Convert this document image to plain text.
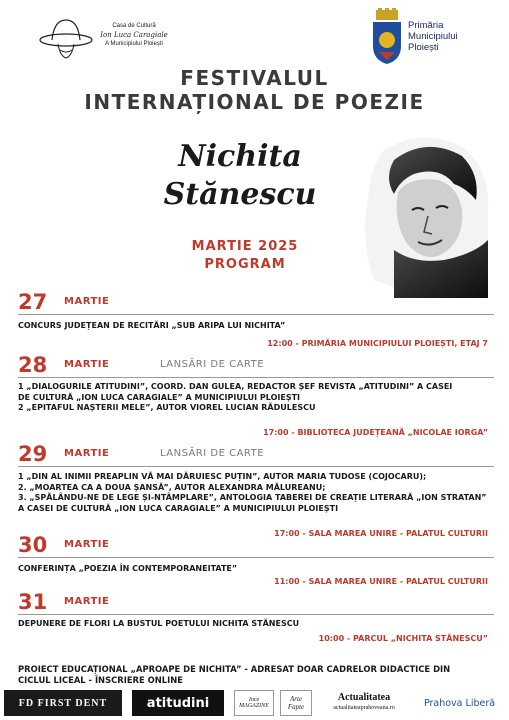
Casa de Cultură
Ion Luca Caragiale
A Municipiului Ploiești
Primăria
Municipiului
Ploiești
FESTIVALUL
INTERNAȚIONAL DE POEZIE
Nichita
Stănescu
MARTIE 2025
PROGRAM
27 MARTIE
CONCURS JUDEȚEAN DE RECITĂRI „SUB ARIPA LUI NICHITA”
12:00 - PRIMĂRIA MUNICIPIULUI PLOIEȘTI, ETAJ 7
28 MARTIE	LANSĂRI DE CARTE
1 „DIALOGURILE ATITUDINI”, COORD. DAN GULEA, REDACTOR ȘEF REVISTA „ATITUDINI” A CASEI
DE CULTURĂ „ION LUCA CARAGIALE” A MUNICIPIULUI PLOIEȘTI
2 „EPITAFUL NAȘTERII MELE”, AUTOR VIOREL LUCIAN RĂDULESCU
17:00 - BIBLIOTECA JUDEȚEANĂ „NICOLAE IORGA”
29 MARTIE	LANSĂRI DE CARTE
1 „DIN AL INIMII PREAPLIN VĂ MAI DĂRUIESC PUȚIN”, AUTOR MARIA TUDOSE (COJOCARU);
2. „MOARTEA CA A DOUA ȘANSĂ”, AUTOR ALEXANDRA MĂLUREANU;
3. „SPĂLÂNDU-NE DE LEGE ȘI-NTÂMPLARE”, ANTOLOGIA TABEREI DE CREAȚIE LITERARĂ „ION STRATAN”
A CASEI DE CULTURĂ „ION LUCA CARAGIALE” A MUNICIPIULUI PLOIEȘTI
17:00 - SALA MAREA UNIRE - PALATUL CULTURII
30 MARTIE
CONFERINȚA „POEZIA ÎN CONTEMPORANEITATE”
11:00 - SALA MAREA UNIRE - PALATUL CULTURII
31 MARTIE
DEPUNERE DE FLORI LA BUSTUL POETULUI NICHITA STĂNESCU
10:00 - PARCUL „NICHITA STĂNESCU”
PROIECT EDUCAȚIONAL „APROAPE DE NICHITA” - ADRESAT DOAR CADRELOR DIDACTICE DIN
CICLUL LICEAL - ÎNSCRIERE ONLINE
FD FIRST DENT	atitudini	Ince MAGAZINE
Arte Fapte
Actualitatea
actualitateaprahoveana.ro	Prahova Liberă
